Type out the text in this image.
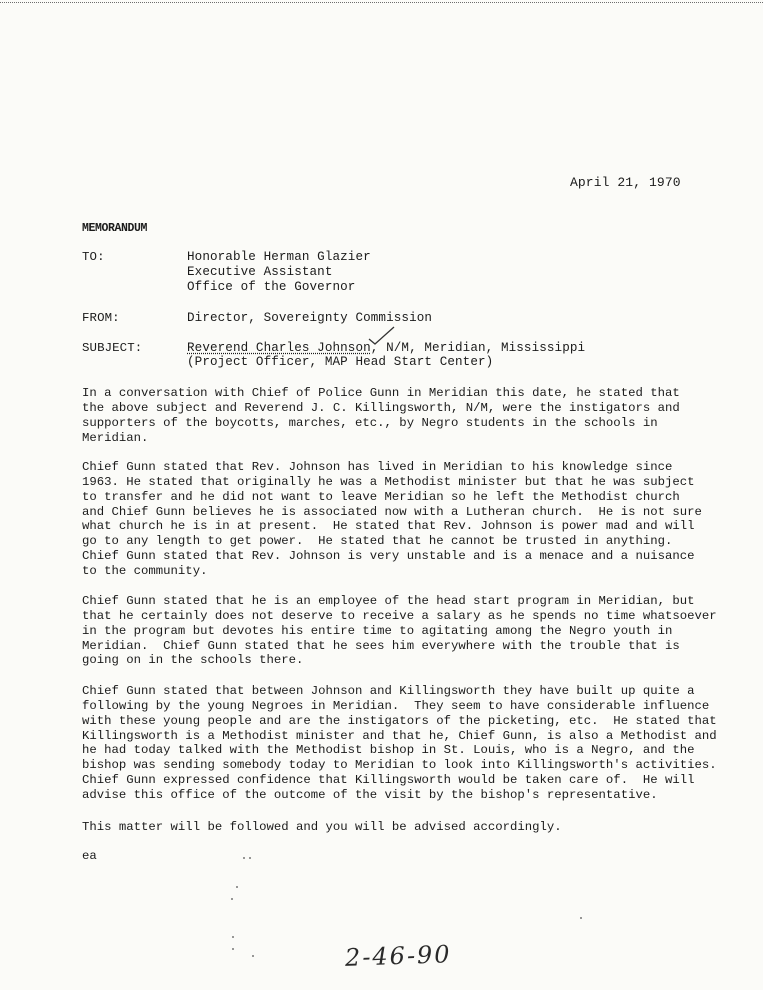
April 21, 1970
MEMORANDUM
TO:	Honorable Herman Glazier
Executive Assistant
Office of the Governor
FROM:	Director, Sovereignty Commission
SUBJECT:	Reverend Charles Johnson, N/M, Meridian, Mississippi
(Project Officer, MAP Head Start Center)
In a conversation with Chief of Police Gunn in Meridian this date, he stated that
the above subject and Reverend J. C. Killingsworth, N/M, were the instigators and
supporters of the boycotts, marches, etc., by Negro students in the schools in
Meridian.
Chief Gunn stated that Rev. Johnson has lived in Meridian to his knowledge since
1963. He stated that originally he was a Methodist minister but that he was subject
to transfer and he did not want to leave Meridian so he left the Methodist church
and Chief Gunn believes he is associated now with a Lutheran church.  He is not sure
what church he is in at present.  He stated that Rev. Johnson is power mad and will
go to any length to get power.  He stated that he cannot be trusted in anything.
Chief Gunn stated that Rev. Johnson is very unstable and is a menace and a nuisance
to the community.
Chief Gunn stated that he is an employee of the head start program in Meridian, but
that he certainly does not deserve to receive a salary as he spends no time whatsoever
in the program but devotes his entire time to agitating among the Negro youth in
Meridian.  Chief Gunn stated that he sees him everywhere with the trouble that is
going on in the schools there.
Chief Gunn stated that between Johnson and Killingsworth they have built up quite a
following by the young Negroes in Meridian.  They seem to have considerable influence
with these young people and are the instigators of the picketing, etc.  He stated that
Killingsworth is a Methodist minister and that he, Chief Gunn, is also a Methodist and
he had today talked with the Methodist bishop in St. Louis, who is a Negro, and the
bishop was sending somebody today to Meridian to look into Killingsworth's activities.
Chief Gunn expressed confidence that Killingsworth would be taken care of.  He will
advise this office of the outcome of the visit by the bishop's representative.
This matter will be followed and you will be advised accordingly.
ea
2-46-90
